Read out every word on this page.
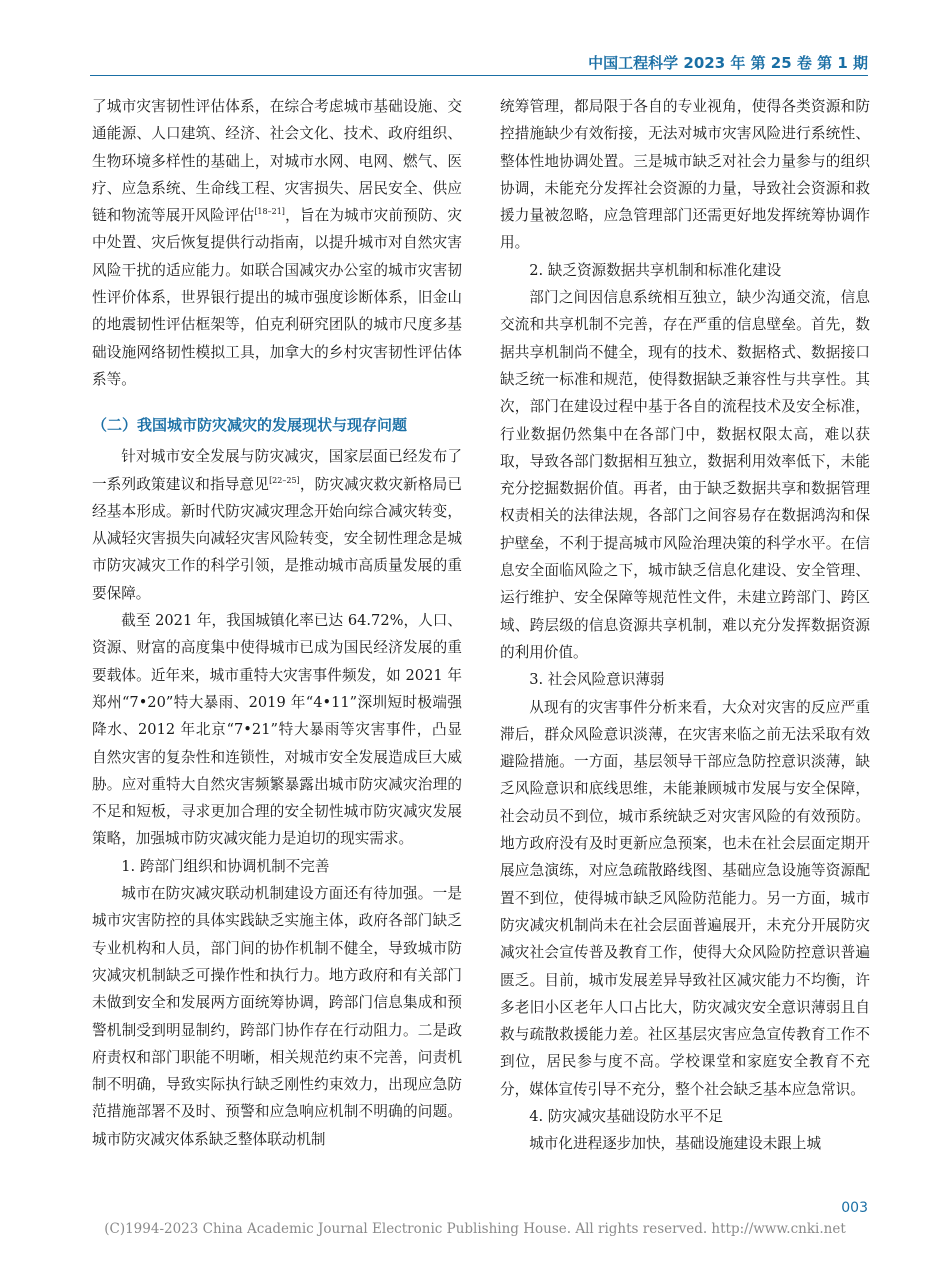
中国工程科学 2023 年 第 25 卷 第 1 期

了城市灾害韧性评估体系，在综合考虑城市基础设施、交通能源、人口建筑、经济、社会文化、技术、政府组织、生物环境多样性的基础上，对城市水网、电网、燃气、医疗、应急系统、生命线工程、灾害损失、居民安全、供应链和物流等展开风险评估[18–21]，旨在为城市灾前预防、灾中处置、灾后恢复提供行动指南，以提升城市对自然灾害风险干扰的适应能力。如联合国减灾办公室的城市灾害韧性评价体系，世界银行提出的城市强度诊断体系，旧金山的地震韧性评估框架等，伯克利研究团队的城市尺度多基础设施网络韧性模拟工具，加拿大的乡村灾害韧性评估体系等。

（二）我国城市防灾减灾的发展现状与现存问题

针对城市安全发展与防灾减灾，国家层面已经发布了一系列政策建议和指导意见[22–25]，防灾减灾救灾新格局已经基本形成。新时代防灾减灾理念开始向综合减灾转变，从减轻灾害损失向减轻灾害风险转变，安全韧性理念是城市防灾减灾工作的科学引领，是推动城市高质量发展的重要保障。

截至 2021 年，我国城镇化率已达 64.72%，人口、资源、财富的高度集中使得城市已成为国民经济发展的重要载体。近年来，城市重特大灾害事件频发，如 2021 年郑州“7•20”特大暴雨、2019 年“4•11”深圳短时极端强降水、2012 年北京“7•21”特大暴雨等灾害事件，凸显自然灾害的复杂性和连锁性，对城市安全发展造成巨大威胁。应对重特大自然灾害频繁暴露出城市防灾减灾治理的不足和短板，寻求更加合理的安全韧性城市防灾减灾发展策略，加强城市防灾减灾能力是迫切的现实需求。

1. 跨部门组织和协调机制不完善

城市在防灾减灾联动机制建设方面还有待加强。一是城市灾害防控的具体实践缺乏实施主体，政府各部门缺乏专业机构和人员，部门间的协作机制不健全，导致城市防灾减灾机制缺乏可操作性和执行力。地方政府和有关部门未做到安全和发展两方面统筹协调，跨部门信息集成和预警机制受到明显制约，跨部门协作存在行动阻力。二是政府责权和部门职能不明晰，相关规范约束不完善，问责机制不明确，导致实际执行缺乏刚性约束效力，出现应急防范措施部署不及时、预警和应急响应机制不明确的问题。城市防灾减灾体系缺乏整体联动机制

统筹管理，都局限于各自的专业视角，使得各类资源和防控措施缺少有效衔接，无法对城市灾害风险进行系统性、整体性地协调处置。三是城市缺乏对社会力量参与的组织协调，未能充分发挥社会资源的力量，导致社会资源和救援力量被忽略，应急管理部门还需更好地发挥统筹协调作用。

2. 缺乏资源数据共享机制和标准化建设

部门之间因信息系统相互独立，缺少沟通交流，信息交流和共享机制不完善，存在严重的信息壁垒。首先，数据共享机制尚不健全，现有的技术、数据格式、数据接口缺乏统一标准和规范，使得数据缺乏兼容性与共享性。其次，部门在建设过程中基于各自的流程技术及安全标准，行业数据仍然集中在各部门中，数据权限太高，难以获取，导致各部门数据相互独立，数据利用效率低下，未能充分挖掘数据价值。再者，由于缺乏数据共享和数据管理权责相关的法律法规，各部门之间容易存在数据鸿沟和保护壁垒，不利于提高城市风险治理决策的科学水平。在信息安全面临风险之下，城市缺乏信息化建设、安全管理、运行维护、安全保障等规范性文件，未建立跨部门、跨区域、跨层级的信息资源共享机制，难以充分发挥数据资源的利用价值。

3. 社会风险意识薄弱

从现有的灾害事件分析来看，大众对灾害的反应严重滞后，群众风险意识淡薄，在灾害来临之前无法采取有效避险措施。一方面，基层领导干部应急防控意识淡薄，缺乏风险意识和底线思维，未能兼顾城市发展与安全保障，社会动员不到位，城市系统缺乏对灾害风险的有效预防。地方政府没有及时更新应急预案，也未在社会层面定期开展应急演练，对应急疏散路线图、基础应急设施等资源配置不到位，使得城市缺乏风险防范能力。另一方面，城市防灾减灾机制尚未在社会层面普遍展开，未充分开展防灾减灾社会宣传普及教育工作，使得大众风险防控意识普遍匮乏。目前，城市发展差异导致社区减灾能力不均衡，许多老旧小区老年人口占比大，防灾减灾安全意识薄弱且自救与疏散救援能力差。社区基层灾害应急宣传教育工作不到位，居民参与度不高。学校课堂和家庭安全教育不充分，媒体宣传引导不充分，整个社会缺乏基本应急常识。

4. 防灾减灾基础设防水平不足

城市化进程逐步加快，基础设施建设未跟上城

003
(C)1994-2023 China Academic Journal Electronic Publishing House. All rights reserved. http://www.cnki.net
